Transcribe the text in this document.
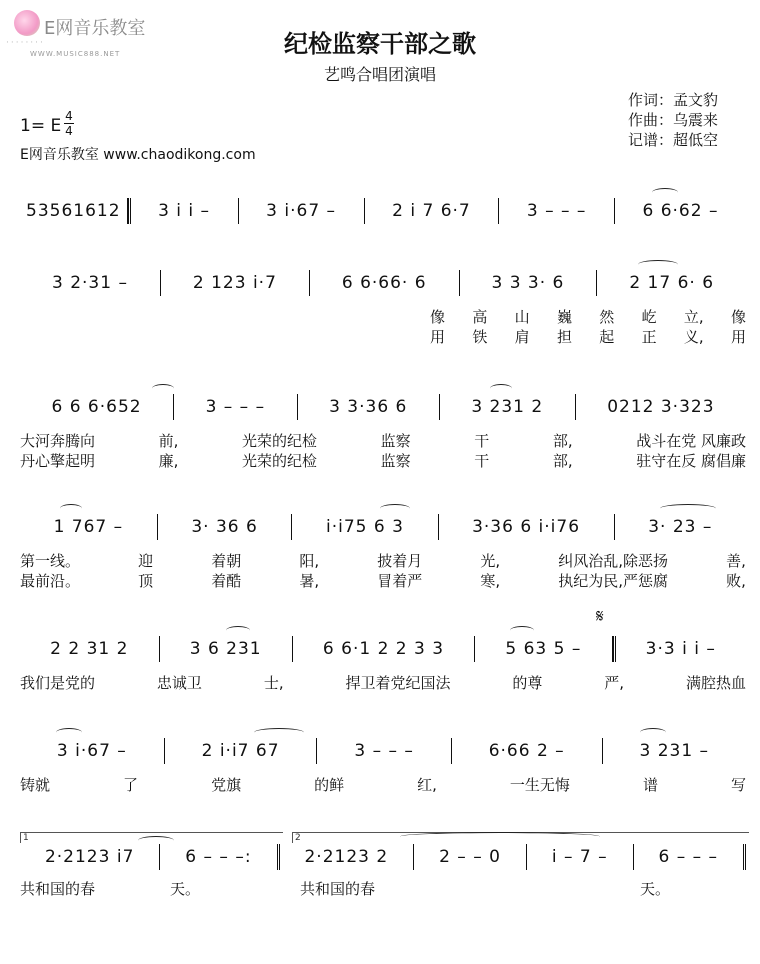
E网音乐教室
········
WWW.MUSIC888.NET	纪检监察干部之歌
艺鸣合唱团演唱
作词：孟文豹
作曲：乌震来
记谱：超低空
1= E 4
4
E网音乐教室 www.chaodikong.com
53561612	3 i i –	3 i·67 –	2 i 7 6·7	3 – – –	6 6·62 –
3 2·31 –	2 123 i·7	6 6·66· 6	3 3 3· 6	2 17 6· 6
像 高 山 巍 然 屹 立, 像
用 铁 肩 担 起 正 义, 用
6 6 6·652	3 – – –	3 3·36 6	3 231 2	0212 3·323
大河奔腾向	前,	光荣的纪检	监察	干	部,	战斗在党 风廉政
丹心擎起明	廉,	光荣的纪检	监察	干	部,	驻守在反 腐倡廉
1 767 –	3· 36 6	i·i75 6 3	3·36 6 i·i76	3· 23 –
第一线。	迎	着朝	阳,	披着月	光,	纠风治乱,除恶扬	善,
最前沿。	顶	着酷	暑,	冒着严	寒,	执纪为民,严惩腐	败,
𝄋
2 2 31 2	3 6 231	6 6·1 2 2 3 3	5 63 5 –	3·3 i i –
我们是党的	忠诚卫	士,	捍卫着党纪国法	的尊	严,	满腔热血
3 i·67 –	2 i·i7 67	3 – – –	6·66 2 –	3 231 –
铸就	了	党旗	的鲜	红,	一生无悔	谱	写
1	2
2·2123 i7	6 – – –:	2·2123 2	2 – – 0	i – 7 –	6 – – –
共和国的春	天。	共和国的春	天。
